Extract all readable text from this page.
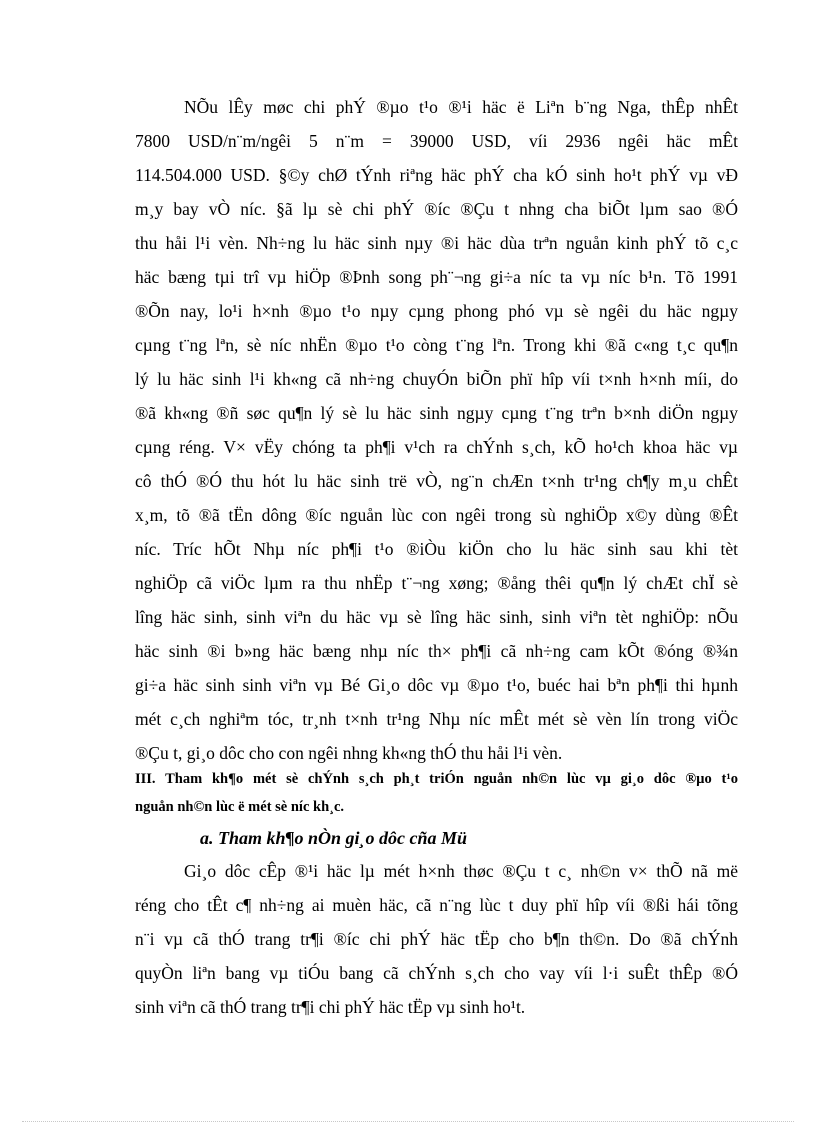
NÕu lÊy møc chi phÝ ®µo t¹o ®¹i häc ë Liªn b¨ng Nga, thÊp nhÊt
7800 USD/n¨m/ngêi 5 n¨m = 39000 USD, víi 2936 ngêi häc mÊt
114.504.000 USD. §©y chØ tÝnh riªng häc phÝ cha kÓ sinh ho¹t phÝ vµ vÐ
m¸y bay vÒ níc. §ã lµ sè chi phÝ ®íc ®Çu t nhng cha biÕt lµm sao ®Ó
thu håi l¹i vèn. Nh÷ng lu häc sinh nµy ®i häc dùa trªn nguån kinh phÝ tõ c¸c
häc bæng tµi trî vµ hiÖp ®Þnh song ph¨¬ng gi÷a níc ta vµ níc b¹n. Tõ 1991
®Õn nay, lo¹i h×nh ®µo t¹o nµy cµng phong phó vµ sè ngêi du häc ngµy
cµng t¨ng lªn, sè níc nhËn ®µo t¹o còng t¨ng lªn. Trong khi ®ã c«ng t¸c qu¶n
lý lu häc sinh l¹i kh«ng cã nh÷ng chuyÓn biÕn phï hîp víi t×nh h×nh míi, do
®ã kh«ng ®ñ søc qu¶n lý sè lu häc sinh ngµy cµng t¨ng trªn b×nh diÖn ngµy
cµng réng. V× vËy chóng ta ph¶i v¹ch ra chÝnh s¸ch, kÕ ho¹ch khoa häc vµ
cô thÓ ®Ó thu hót lu häc sinh trë vÒ, ng¨n chÆn t×nh tr¹ng ch¶y m¸u chÊt
x¸m, tõ ®ã tËn dông ®íc nguån lùc con ngêi trong sù nghiÖp x©y dùng ®Êt
níc. Tríc hÕt Nhµ níc ph¶i t¹o ®iÒu kiÖn cho lu häc sinh sau khi tèt
nghiÖp cã viÖc lµm ra thu nhËp t¨¬ng xøng; ®ång thêi qu¶n lý chÆt chÏ sè
lîng häc sinh, sinh viªn du häc vµ sè lîng häc sinh, sinh viªn tèt nghiÖp: nÕu
häc sinh ®i b»ng häc bæng nhµ níc th× ph¶i cã nh÷ng cam kÕt ®óng ®¾n
gi÷a häc sinh sinh viªn vµ Bé Gi¸o dôc vµ ®µo t¹o, buéc hai bªn ph¶i thi hµnh
mét c¸ch nghiªm tóc, tr¸nh t×nh tr¹ng Nhµ níc mÊt mét sè vèn lín trong viÖc
®Çu t, gi¸o dôc cho con ngêi nhng kh«ng thÓ thu håi l¹i vèn.
III. Tham kh¶o mét sè chÝnh s¸ch ph¸t triÓn nguån nh©n lùc vµ gi¸o dôc ®µo t¹o
nguån nh©n lùc ë mét sè níc kh¸c.
a. Tham kh¶o nÒn gi¸o dôc cña Mü
Gi¸o dôc cÊp ®¹i häc lµ mét h×nh thøc ®Çu t c¸ nh©n v× thÕ nã më
réng cho tÊt c¶ nh÷ng ai muèn häc, cã n¨ng lùc t duy phï hîp víi ®ßi hái tõng
n¨i vµ cã thÓ trang tr¶i ®íc chi phÝ häc tËp cho b¶n th©n. Do ®ã chÝnh
quyÒn liªn bang vµ tiÓu bang cã chÝnh s¸ch cho vay víi l·i suÊt thÊp ®Ó
sinh viªn cã thÓ trang tr¶i chi phÝ häc tËp vµ sinh ho¹t.
